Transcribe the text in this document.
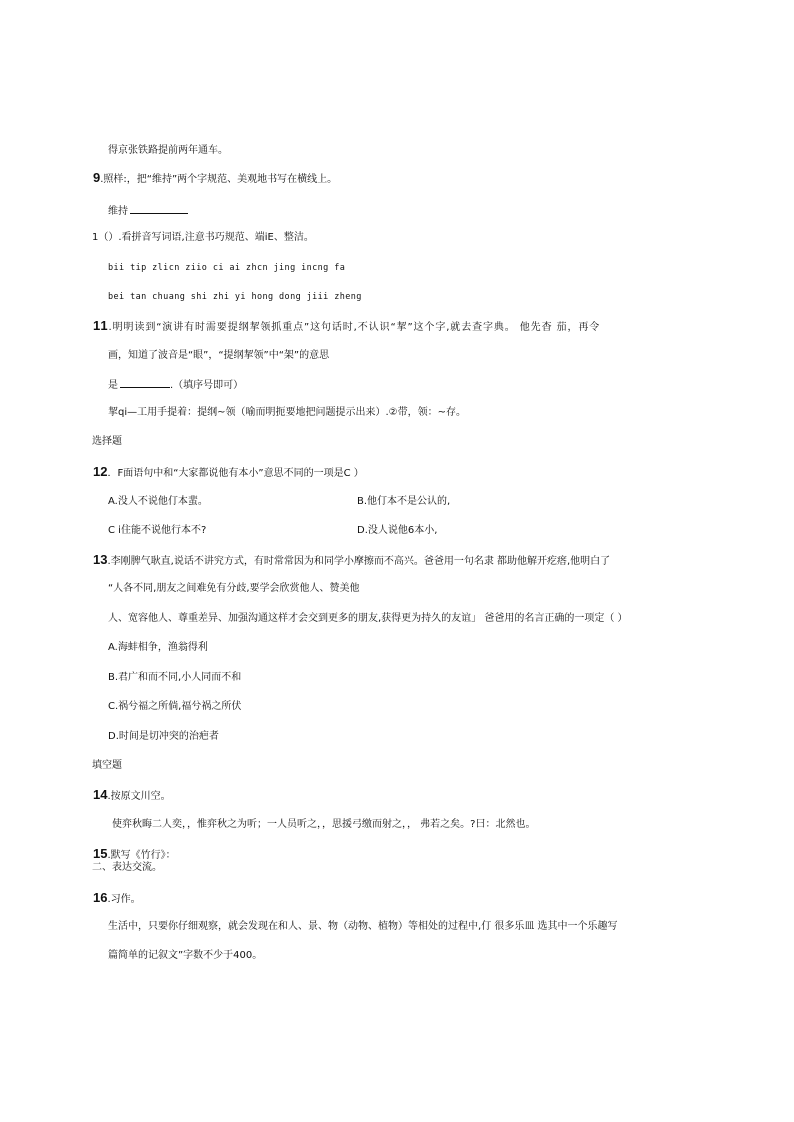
得京张铁路提前两年通车。
9.照样:，把“维持”两个字规范、美观地书写在横线上。
维持
1（）.看拼音写词语,注意书巧规范、端iE、整洁。
bii tip zlicn ziio ci ai zhcn jing incng fa
bei tan chuang shi zhi yi hong dong jiii zheng
11.明明读到“演讲有时需要提纲挈领抓重点”这句话时,不认识“挈”这个字,就去查字典。 他先杳 茄，再令
画，知道了波音是“眼”，“提纲挈领”中“架”的意思
是	.（填序号即可）
挈qi—工用手提着：提纲~领（喻而明扼要地把问题提示出来）.②带，领：~存。
选择题
12．F面语句中和“大家都说他有本小”意思不同的一项是C ）
A.没人不说他仃本蜚。	B.他仃本不是公认的,
C i住能不说他行本不?	D.没人说他6本小,
13.李刚脾气耿直,说话不讲究方式，有时常常因为和同学小摩擦而不高兴。爸爸用一句名隶 都助他解开疙瘩,他明白了
“人各不同,朋友之间难免有分歧,要学会欣赏他人、赞美他
人、宽容他人、尊重差异、加强沟通这样才会交到更多的朋友,获得更为持久的友谊」 爸爸用的名言正确的一项定（ ）
A.海蚌相争，渔翁得利
B.君广和而不同,小人同而不和
C.祸兮福之所倘,福兮祸之所伏
D.时间是切冲突的治疤者
填空题
14.按原文川空。
使弈秋晦二人奕，，惟弈秋之为听；一人员听之，，思援弓缴而射之，， 弗若之矣。?曰：北然也。
15.默写《竹行》：
二、表达交流。
16.习作。
生活中，只要你仔细观察，就会发现在和人、景、物（动物、植物）等相处的过程中,仃 很多乐皿 选其中一个乐趣写
篇简单的记叙文”字数不少于400。
